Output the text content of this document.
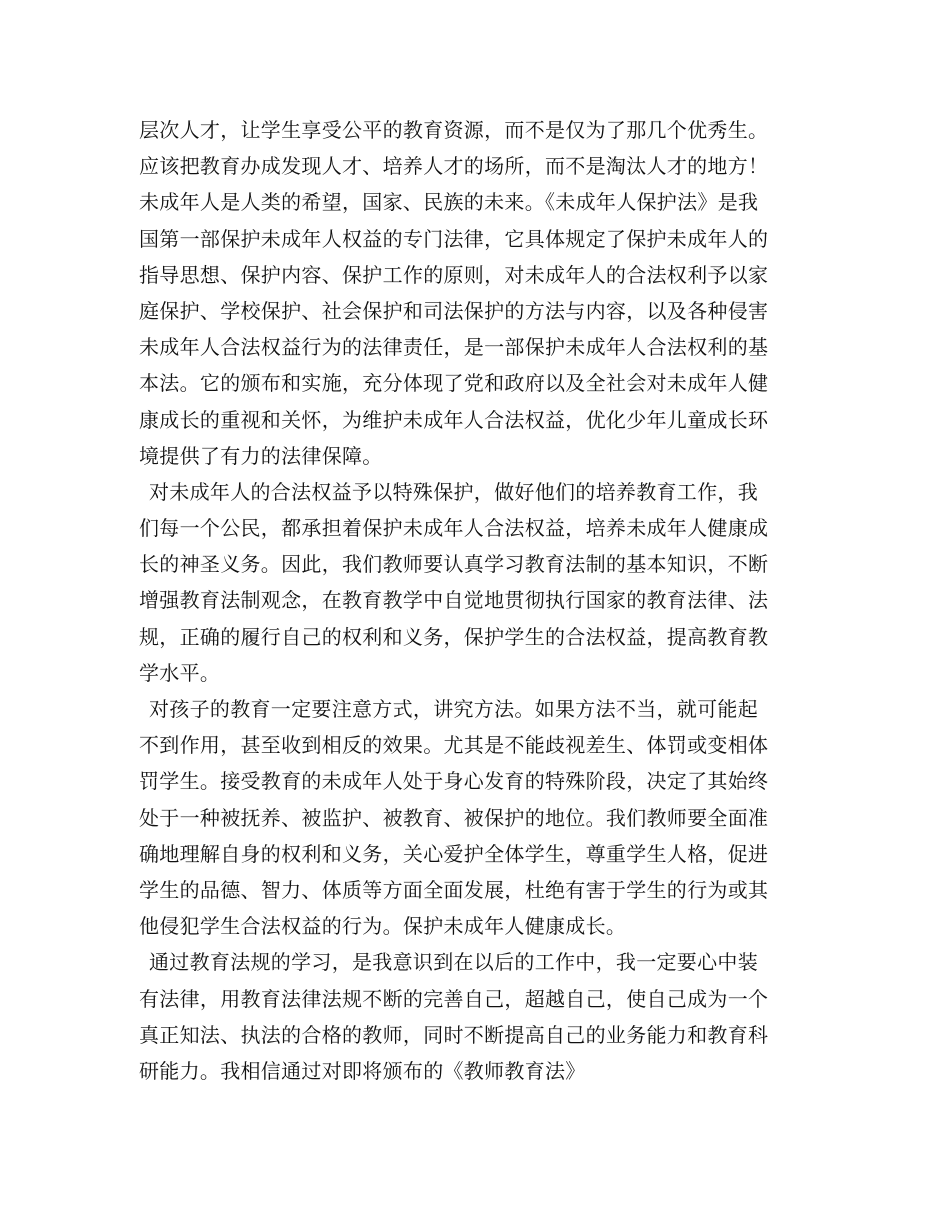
层次人才，让学生享受公平的教育资源，而不是仅为了那几个优秀生。
应该把教育办成发现人才、培养人才的场所，而不是淘汰人才的地方！
未成年人是人类的希望，国家、民族的未来。《未成年人保护法》是我
国第一部保护未成年人权益的专门法律，它具体规定了保护未成年人的
指导思想、保护内容、保护工作的原则，对未成年人的合法权利予以家
庭保护、学校保护、社会保护和司法保护的方法与内容，以及各种侵害
未成年人合法权益行为的法律责任，是一部保护未成年人合法权利的基
本法。它的颁布和实施，充分体现了党和政府以及全社会对未成年人健
康成长的重视和关怀，为维护未成年人合法权益，优化少年儿童成长环
境提供了有力的法律保障。
对未成年人的合法权益予以特殊保护，做好他们的培养教育工作，我
们每一个公民，都承担着保护未成年人合法权益，培养未成年人健康成
长的神圣义务。因此，我们教师要认真学习教育法制的基本知识，不断
增强教育法制观念，在教育教学中自觉地贯彻执行国家的教育法律、法
规，正确的履行自己的权利和义务，保护学生的合法权益，提高教育教
学水平。
对孩子的教育一定要注意方式，讲究方法。如果方法不当，就可能起
不到作用，甚至收到相反的效果。尤其是不能歧视差生、体罚或变相体
罚学生。接受教育的未成年人处于身心发育的特殊阶段，决定了其始终
处于一种被抚养、被监护、被教育、被保护的地位。我们教师要全面准
确地理解自身的权利和义务，关心爱护全体学生，尊重学生人格，促进
学生的品德、智力、体质等方面全面发展，杜绝有害于学生的行为或其
他侵犯学生合法权益的行为。保护未成年人健康成长。
通过教育法规的学习，是我意识到在以后的工作中，我一定要心中装
有法律，用教育法律法规不断的完善自己，超越自己，使自己成为一个
真正知法、执法的合格的教师，同时不断提高自己的业务能力和教育科
研能力。我相信通过对即将颁布的《教师教育法》
